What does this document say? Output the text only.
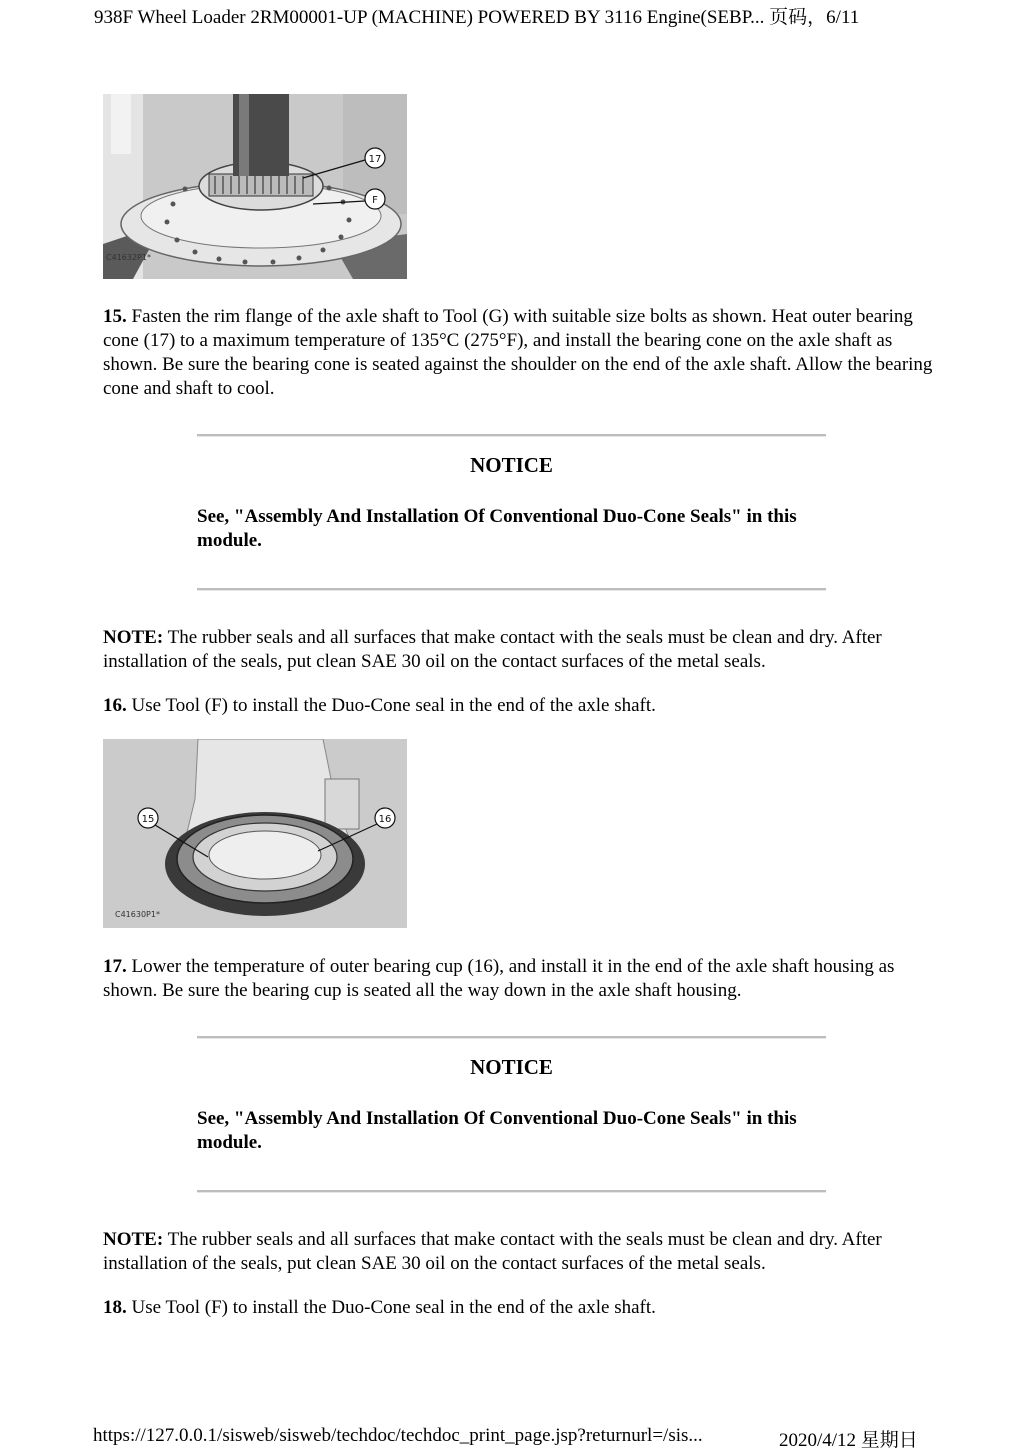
938F Wheel Loader 2RM00001-UP (MACHINE) POWERED BY 3116 Engine(SEBP... 页码，6/11
17
F
C41632P1*
15. Fasten the rim flange of the axle shaft to Tool (G) with suitable size bolts as shown. Heat outer bearing cone (17) to a maximum temperature of 135°C (275°F), and install the bearing cone on the axle shaft as shown. Be sure the bearing cone is seated against the shoulder on the end of the axle shaft. Allow the bearing cone and shaft to cool.
NOTICE
See, "Assembly And Installation Of Conventional Duo-Cone Seals" in this module.
NOTE: The rubber seals and all surfaces that make contact with the seals must be clean and dry. After installation of the seals, put clean SAE 30 oil on the contact surfaces of the metal seals.
16. Use Tool (F) to install the Duo-Cone seal in the end of the axle shaft.
15	16
C41630P1*
17. Lower the temperature of outer bearing cup (16), and install it in the end of the axle shaft housing as shown. Be sure the bearing cup is seated all the way down in the axle shaft housing.
NOTICE
See, "Assembly And Installation Of Conventional Duo-Cone Seals" in this module.
NOTE: The rubber seals and all surfaces that make contact with the seals must be clean and dry. After installation of the seals, put clean SAE 30 oil on the contact surfaces of the metal seals.
18. Use Tool (F) to install the Duo-Cone seal in the end of the axle shaft.
https://127.0.0.1/sisweb/sisweb/techdoc/techdoc_print_page.jsp?returnurl=/sis...	2020/4/12 星期日
